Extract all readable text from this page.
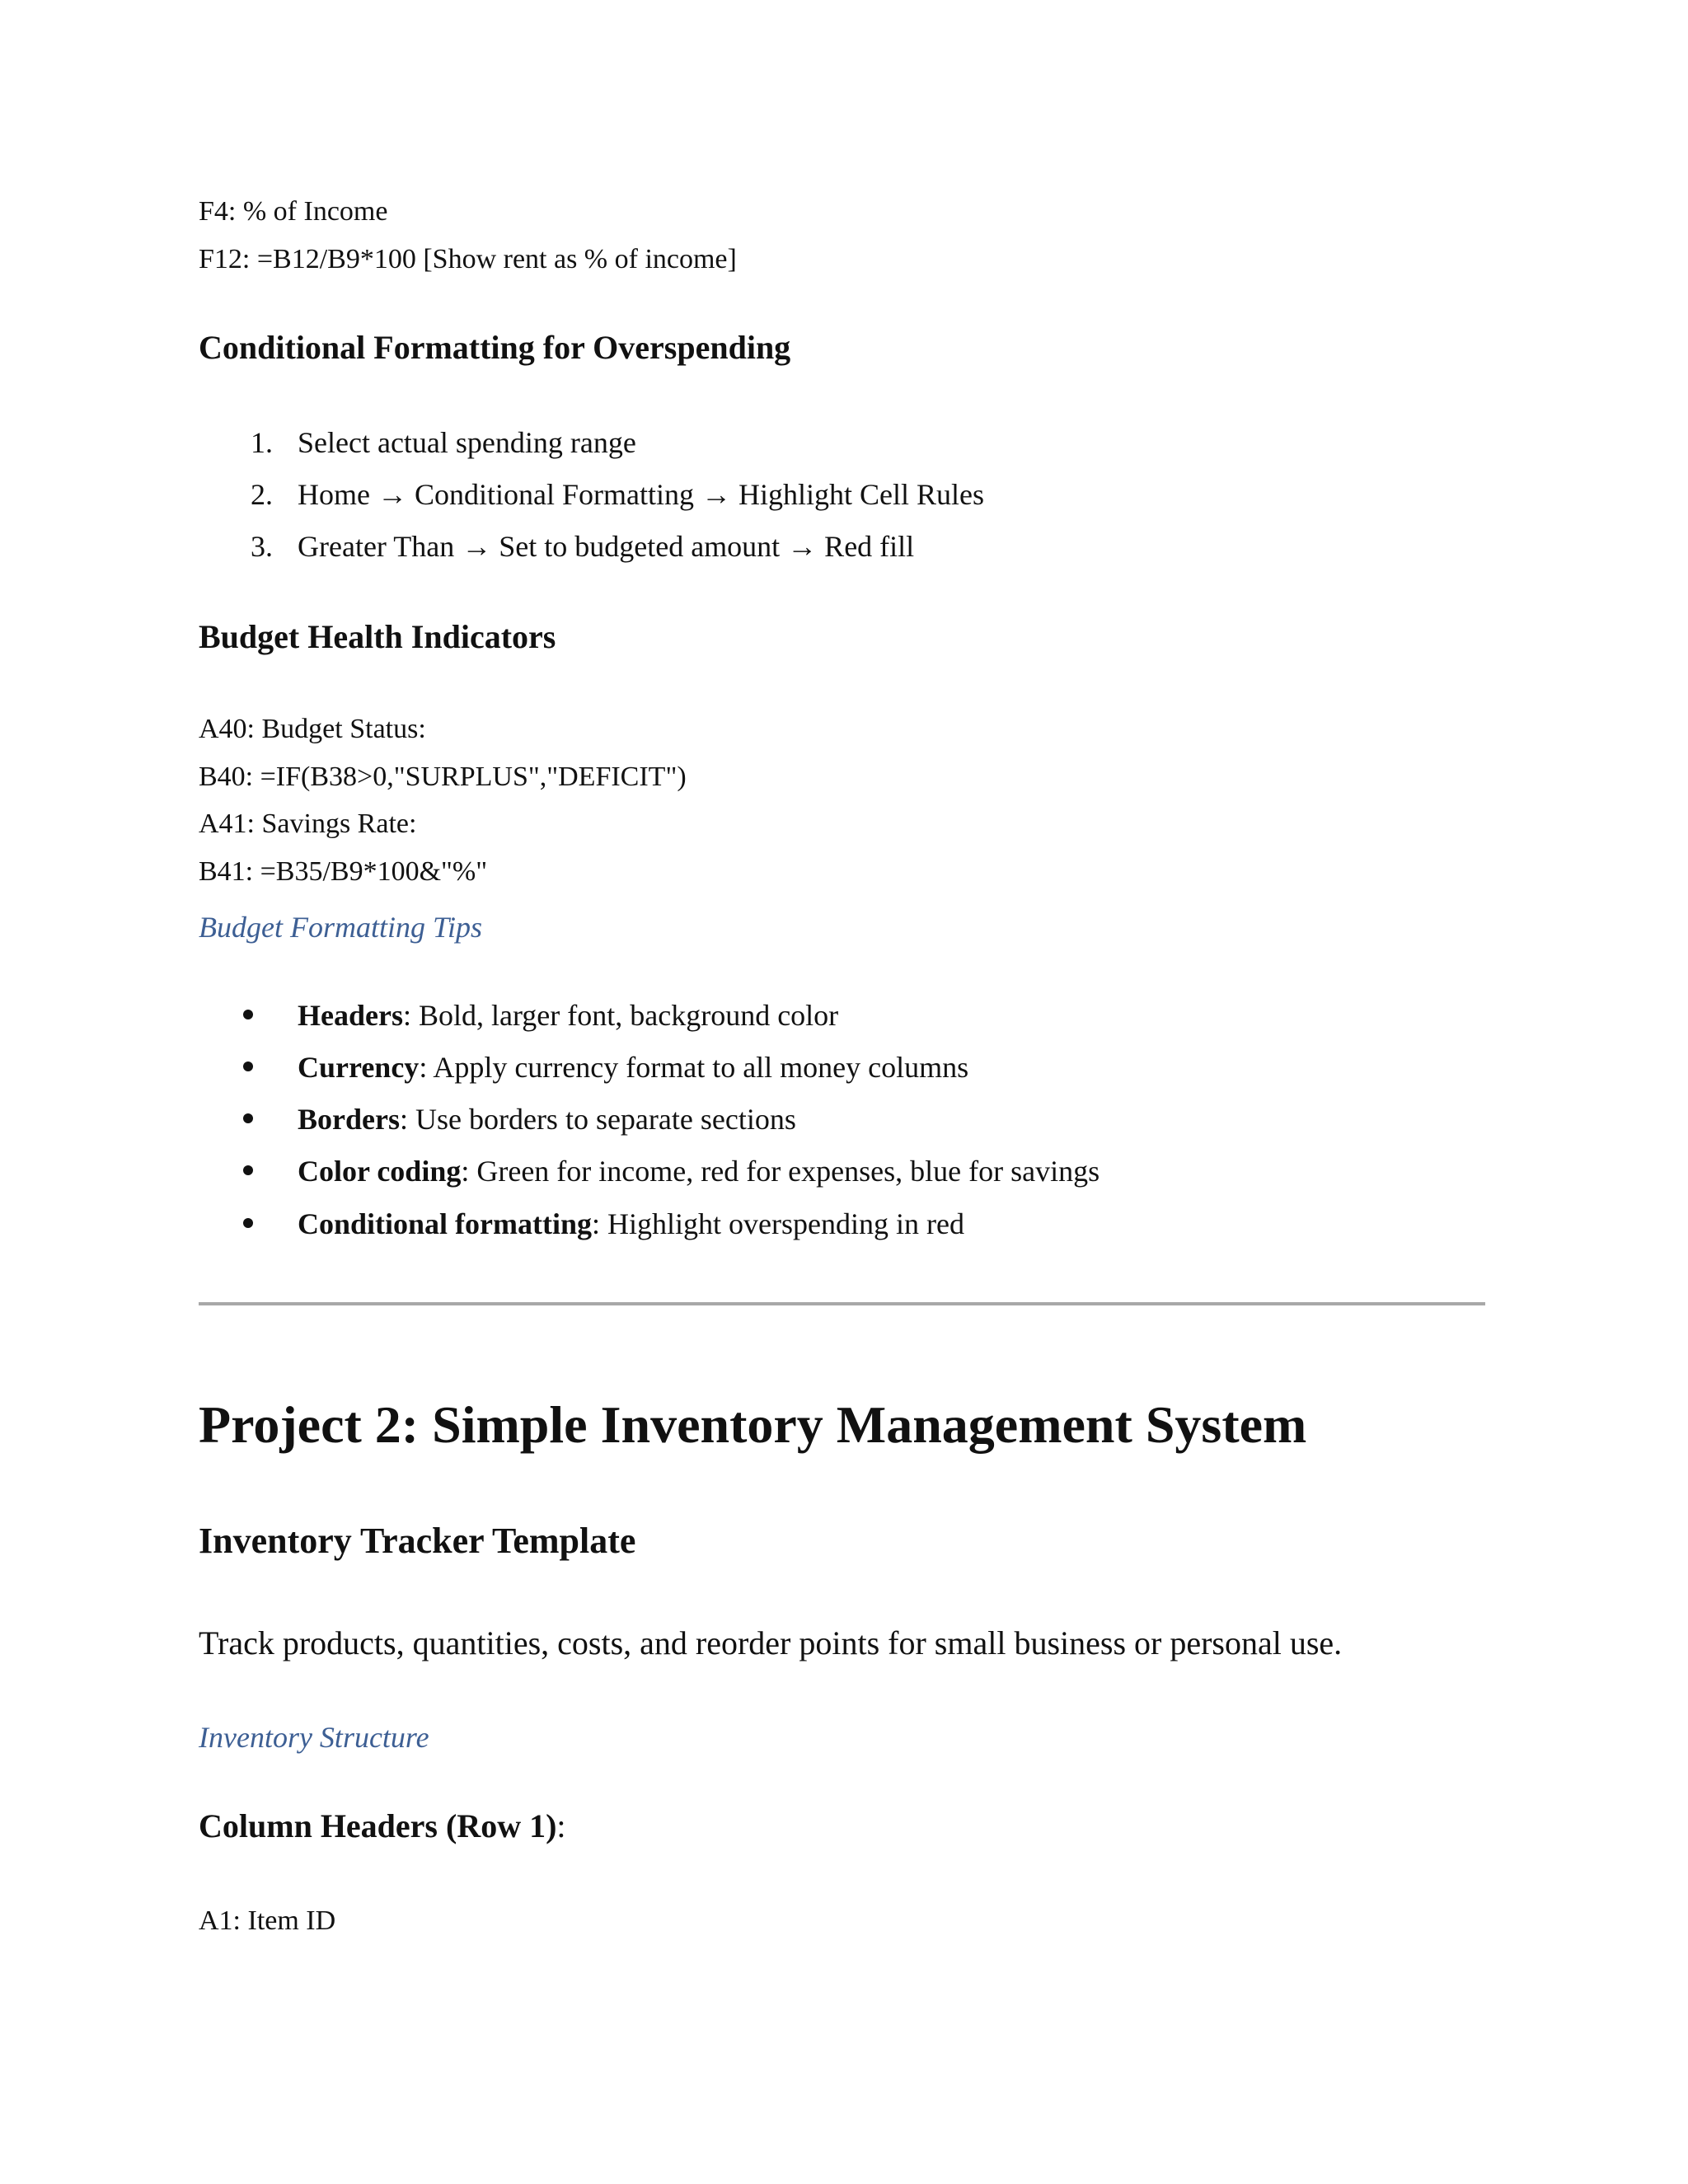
F4: % of Income
F12: =B12/B9*100 [Show rent as % of income]
Conditional Formatting for Overspending
1. Select actual spending range
2. Home → Conditional Formatting → Highlight Cell Rules
3. Greater Than → Set to budgeted amount → Red fill
Budget Health Indicators
A40: Budget Status:
B40: =IF(B38>0,"SURPLUS","DEFICIT")
A41: Savings Rate:
B41: =B35/B9*100&"%"
Budget Formatting Tips
Headers: Bold, larger font, background color
Currency: Apply currency format to all money columns
Borders: Use borders to separate sections
Color coding: Green for income, red for expenses, blue for savings
Conditional formatting: Highlight overspending in red
Project 2: Simple Inventory Management System
Inventory Tracker Template
Track products, quantities, costs, and reorder points for small business or personal use.
Inventory Structure
Column Headers (Row 1):
A1: Item ID
